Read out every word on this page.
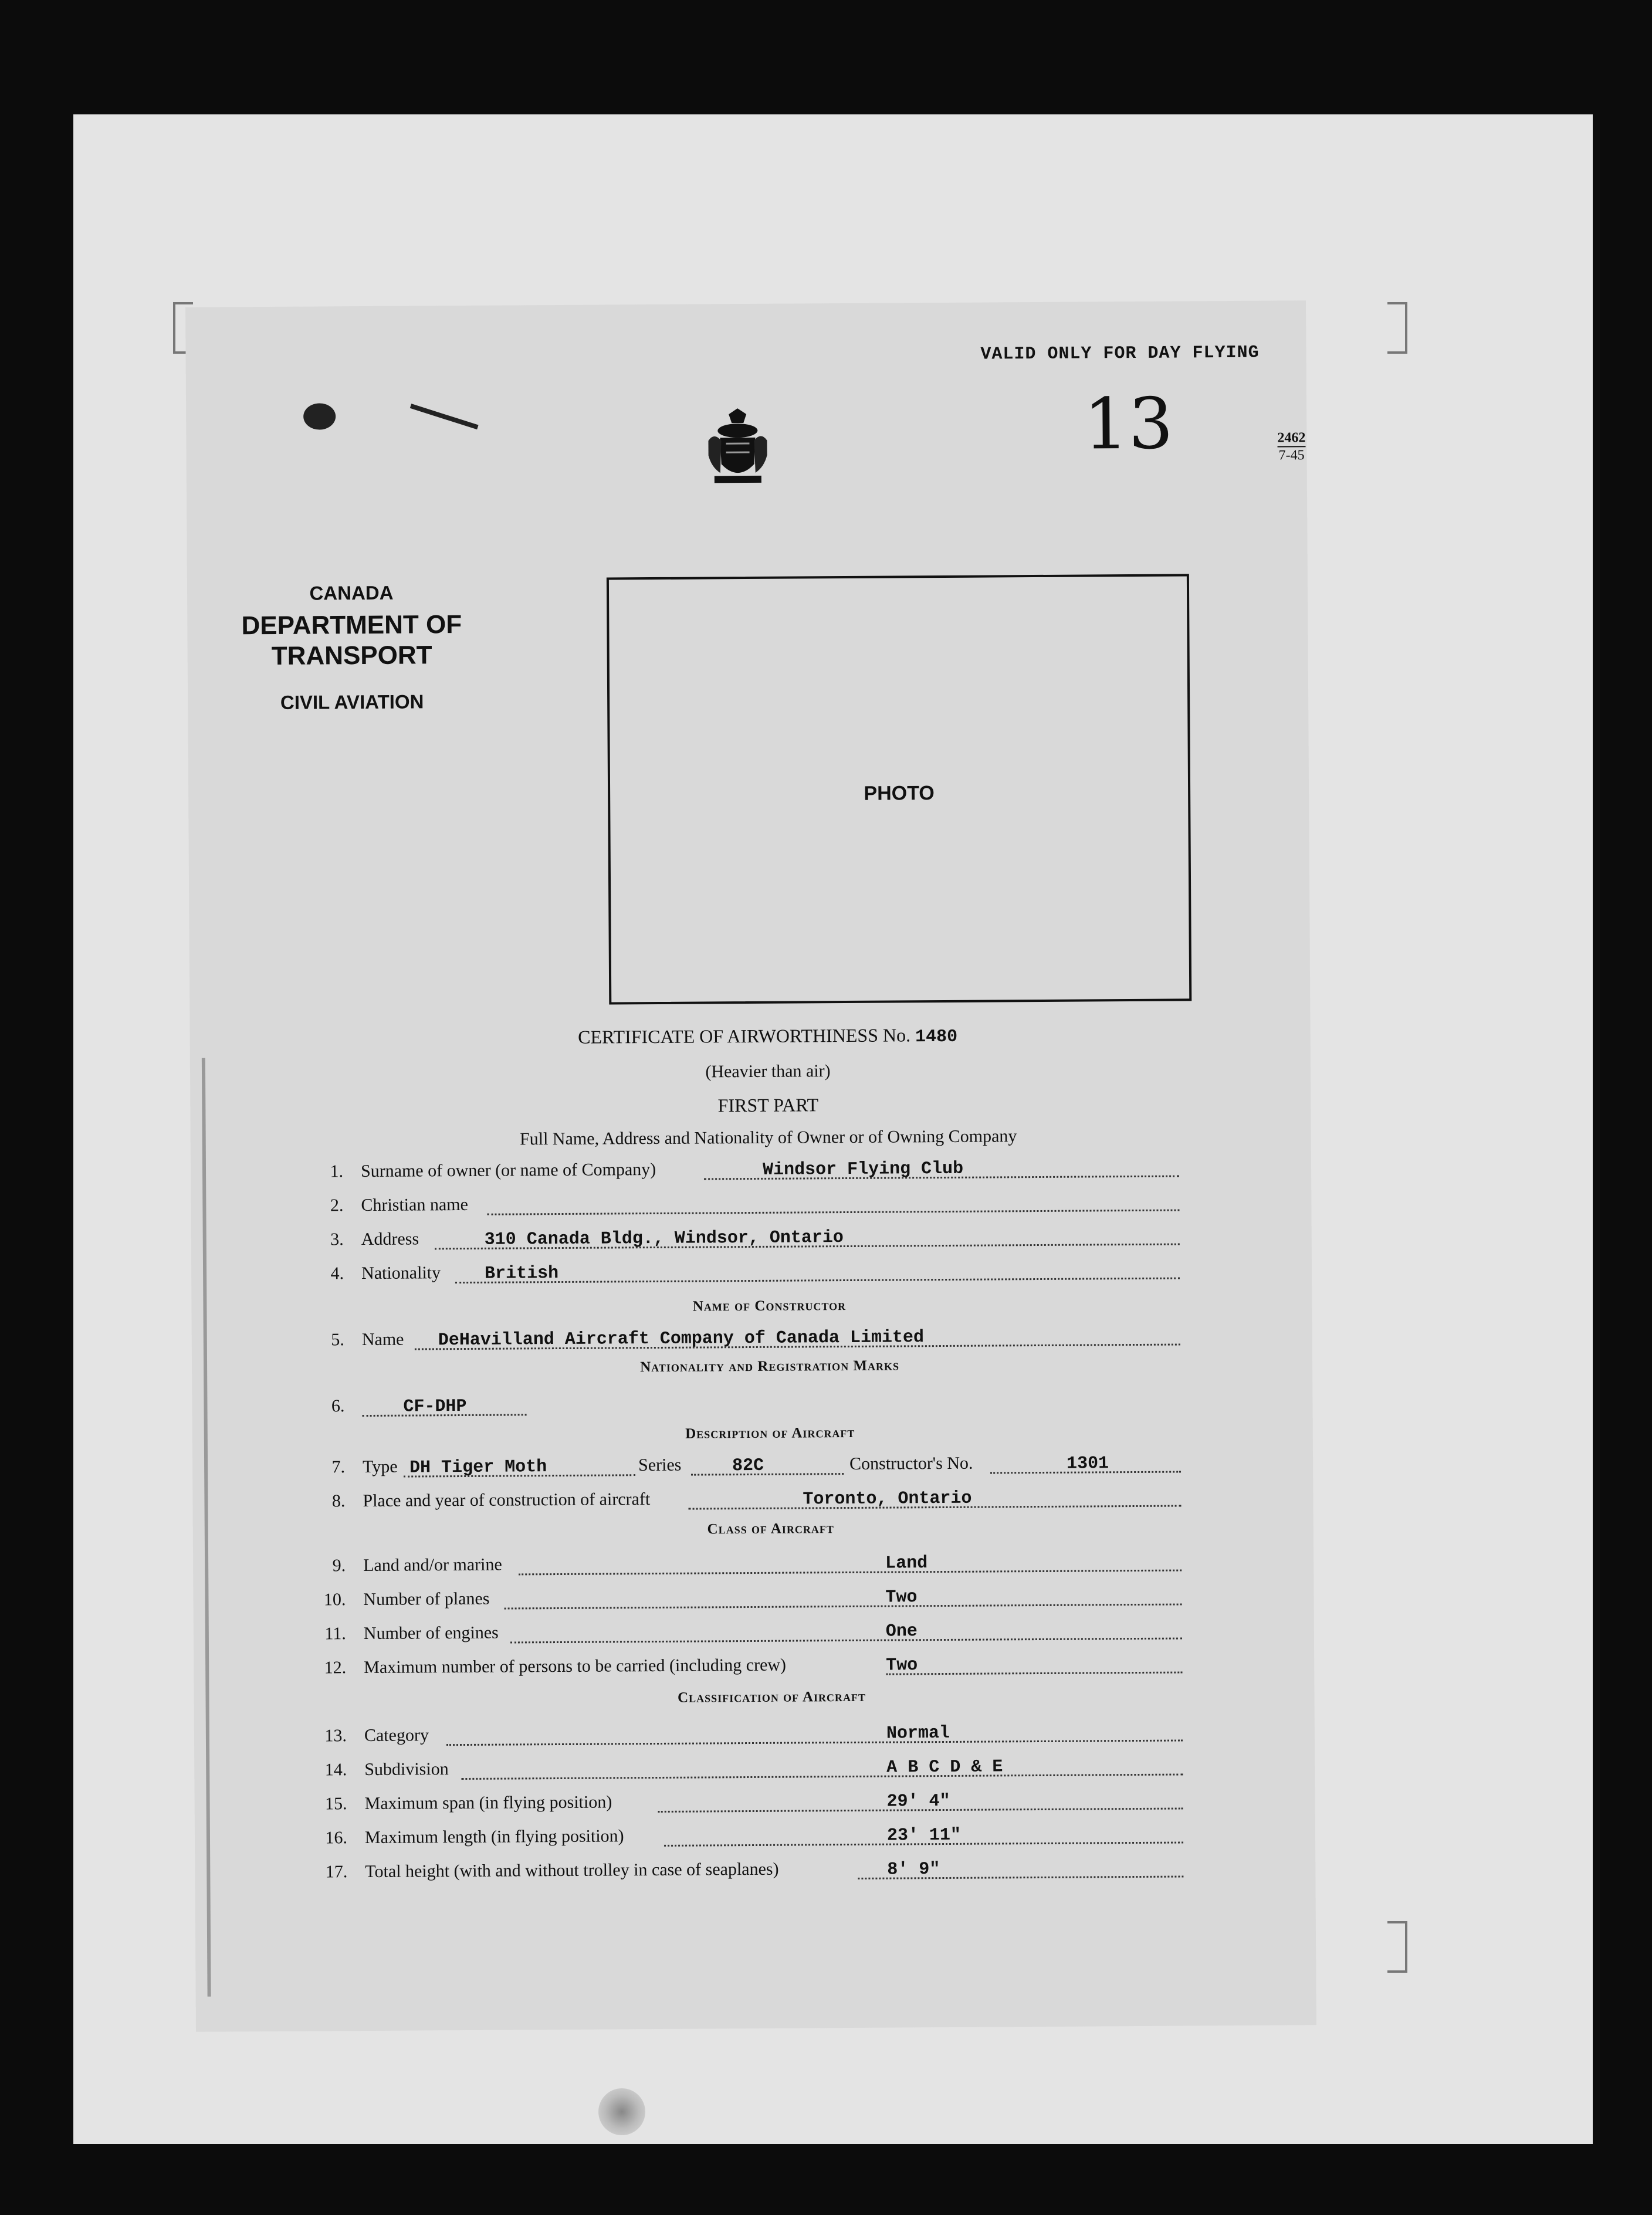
VALID ONLY FOR DAY FLYING
13	2462
7-45
CANADA
DEPARTMENT OF TRANSPORT
CIVIL AVIATION
PHOTO
CERTIFICATE OF AIRWORTHINESS No. 1480
(Heavier than air)
FIRST PART
Full Name, Address and Nationality of Owner or of Owning Company
1. Surname of owner (or name of Company)	Windsor Flying Club
2. Christian name
3. Address	310 Canada Bldg., Windsor, Ontario
4. Nationality British
Name of Constructor
5. Name DeHavilland Aircraft Company of Canada Limited
Nationality and Registration Marks
6.	CF-DHP
Description of Aircraft
7. Type DH Tiger Moth	Series	82C	Constructor's No.	1301
8. Place and year of construction of aircraft	Toronto, Ontario
Class of Aircraft
9. Land and/or marine	Land
10. Number of planes	Two
11. Number of engines	One
12. Maximum number of persons to be carried (including crew)	Two
Classification of Aircraft
13. Category	Normal
14. Subdivision	A B C D & E
15. Maximum span (in flying position)	29' 4"
16. Maximum length (in flying position)	23' 11"
17. Total height (with and without trolley in case of seaplanes)	8' 9"
